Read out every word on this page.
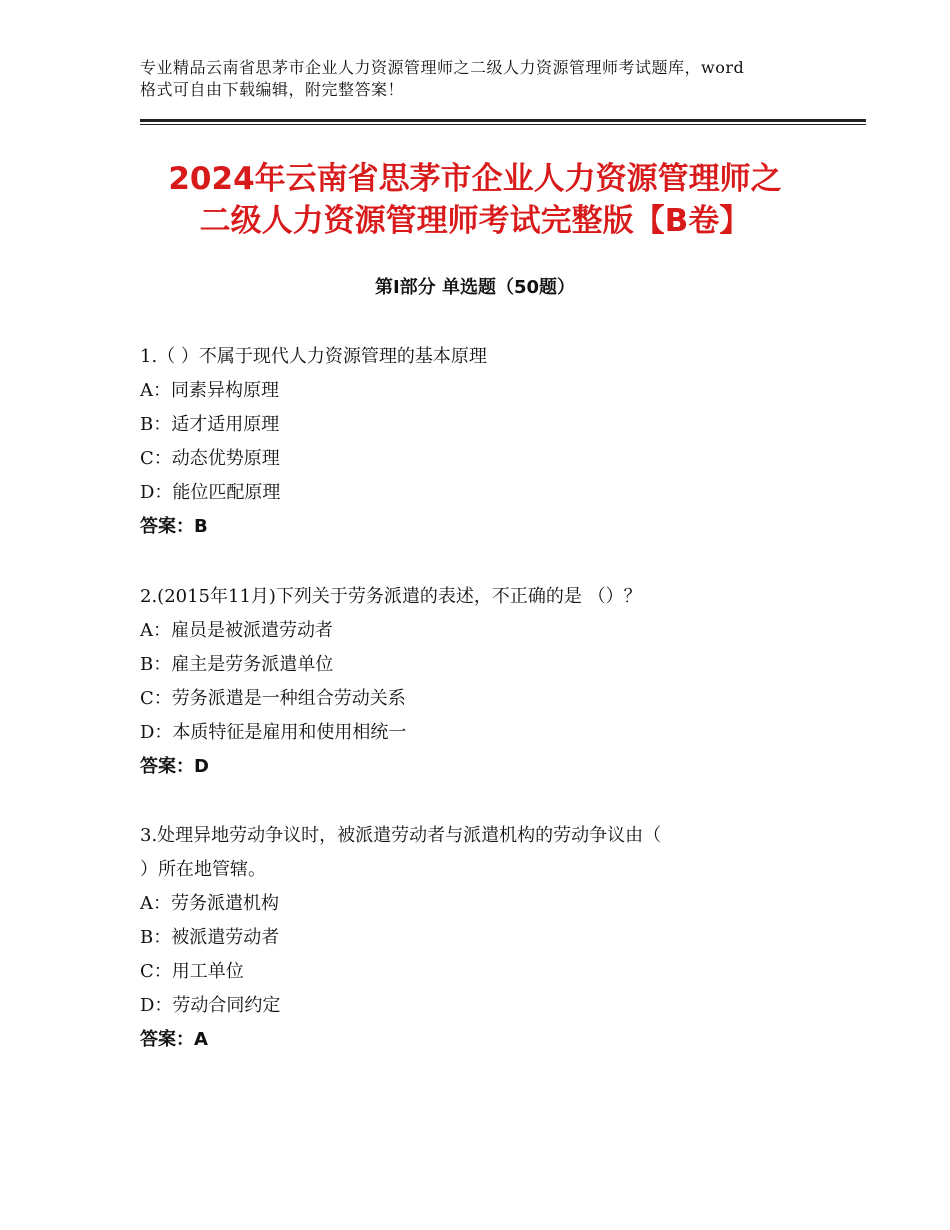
专业精品云南省思茅市企业人力资源管理师之二级人力资源管理师考试题库，word
格式可自由下载编辑，附完整答案！
2024年云南省思茅市企业人力资源管理师之
二级人力资源管理师考试完整版【B卷】
第Ⅰ部分 单选题（50题）
1.（ ）不属于现代人力资源管理的基本原理
A：同素异构原理
B：适才适用原理
C：动态优势原理
D：能位匹配原理
答案：B
2.(2015年11月)下列关于劳务派遣的表述，不正确的是 （）？
A：雇员是被派遣劳动者
B：雇主是劳务派遣单位
C：劳务派遣是一种组合劳动关系
D：本质特征是雇用和使用相统一
答案：D
3.处理异地劳动争议时，被派遣劳动者与派遣机构的劳动争议由（
）所在地管辖。
A：劳务派遣机构
B：被派遣劳动者
C：用工单位
D：劳动合同约定
答案：A
